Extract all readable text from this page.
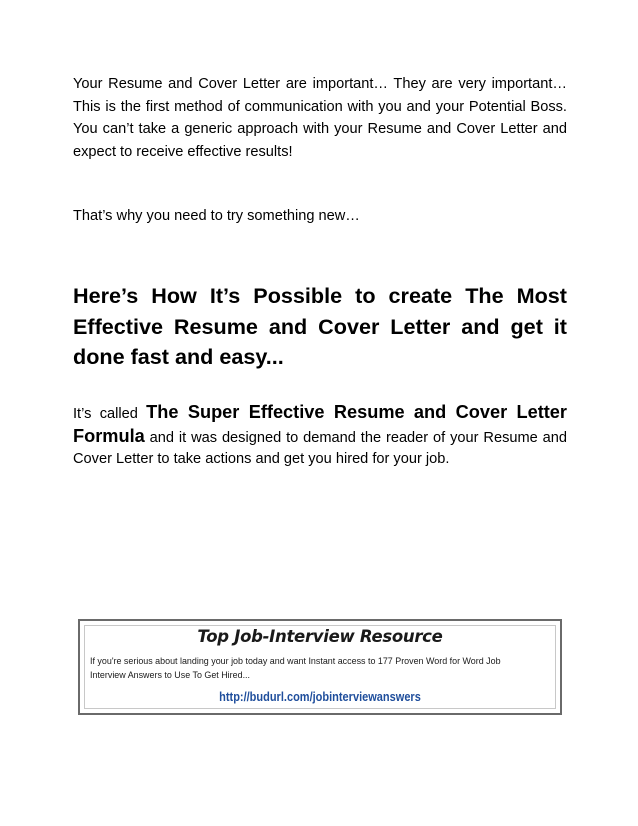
Your Resume and Cover Letter are important… They are very important… This is the first method of communication with you and your Potential Boss. You can’t take a generic approach with your Resume and Cover Letter and expect to receive effective results!

That’s why you need to try something new…

Here’s How It’s Possible to create The Most Effective Resume and Cover Letter and get it done fast and easy...

It’s called The Super Effective Resume and Cover Letter Formula and it was designed to demand the reader of your Resume and Cover Letter to take actions and get you hired for your job.

Top Job-Interview Resource
If you're serious about landing your job today and want Instant access to 177 Proven Word for Word Job Interview Answers to Use To Get Hired...
http://budurl.com/jobinterviewanswers
